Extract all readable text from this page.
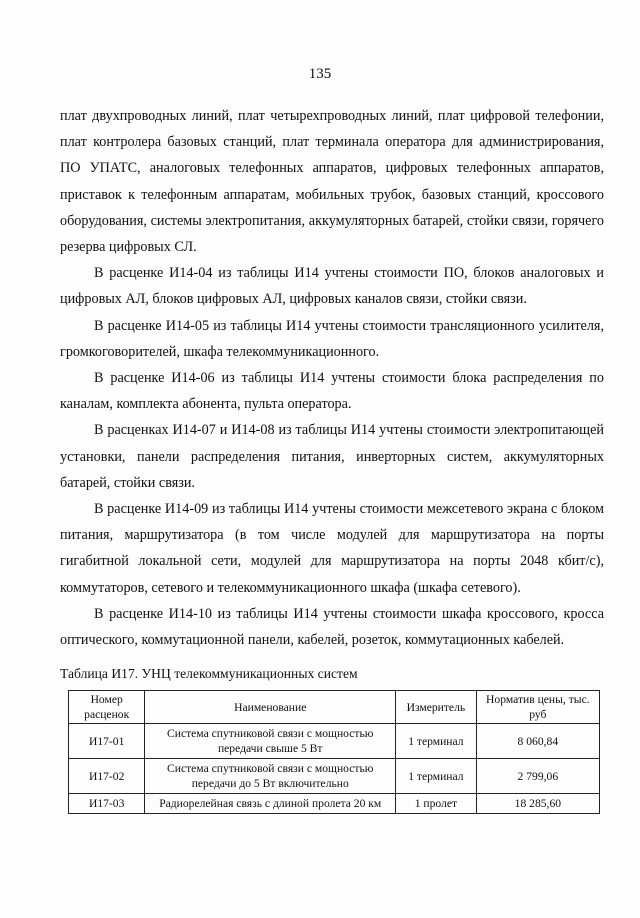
135

плат двухпроводных линий, плат четырехпроводных линий, плат цифровой телефонии, плат контролера базовых станций, плат терминала оператора для администрирования, ПО УПАТС, аналоговых телефонных аппаратов, цифровых телефонных аппаратов, приставок к телефонным аппаратам, мобильных трубок, базовых станций, кроссового оборудования, системы электропитания, аккумуляторных батарей, стойки связи, горячего резерва цифровых СЛ.

В расценке И14-04 из таблицы И14 учтены стоимости ПО, блоков аналоговых и цифровых АЛ, блоков цифровых АЛ, цифровых каналов связи, стойки связи.

В расценке И14-05 из таблицы И14 учтены стоимости трансляционного усилителя, громкоговорителей, шкафа телекоммуникационного.

В расценке И14-06 из таблицы И14 учтены стоимости блока распределения по каналам, комплекта абонента, пульта оператора.

В расценках И14-07 и И14-08 из таблицы И14 учтены стоимости электропитающей установки, панели распределения питания, инверторных систем, аккумуляторных батарей, стойки связи.

В расценке И14-09 из таблицы И14 учтены стоимости межсетевого экрана с блоком питания, маршрутизатора (в том числе модулей для маршрутизатора на порты гигабитной локальной сети, модулей для маршрутизатора на порты 2048 кбит/с), коммутаторов, сетевого и телекоммуникационного шкафа (шкафа сетевого).

В расценке И14-10 из таблицы И14 учтены стоимости шкафа кроссового, кросса оптического, коммутационной панели, кабелей, розеток, коммутационных кабелей.

Таблица И17. УНЦ телекоммуникационных систем
Номер расценок	Наименование	Измеритель	Норматив цены, тыс. руб
И17-01	Система спутниковой связи с мощностью передачи свыше 5 Вт	1 терминал	8 060,84
И17-02	Система спутниковой связи с мощностью передачи до 5 Вт включительно	1 терминал	2 799,06
И17-03	Радиорелейная связь с длиной пролета 20 км	1 пролет	18 285,60
